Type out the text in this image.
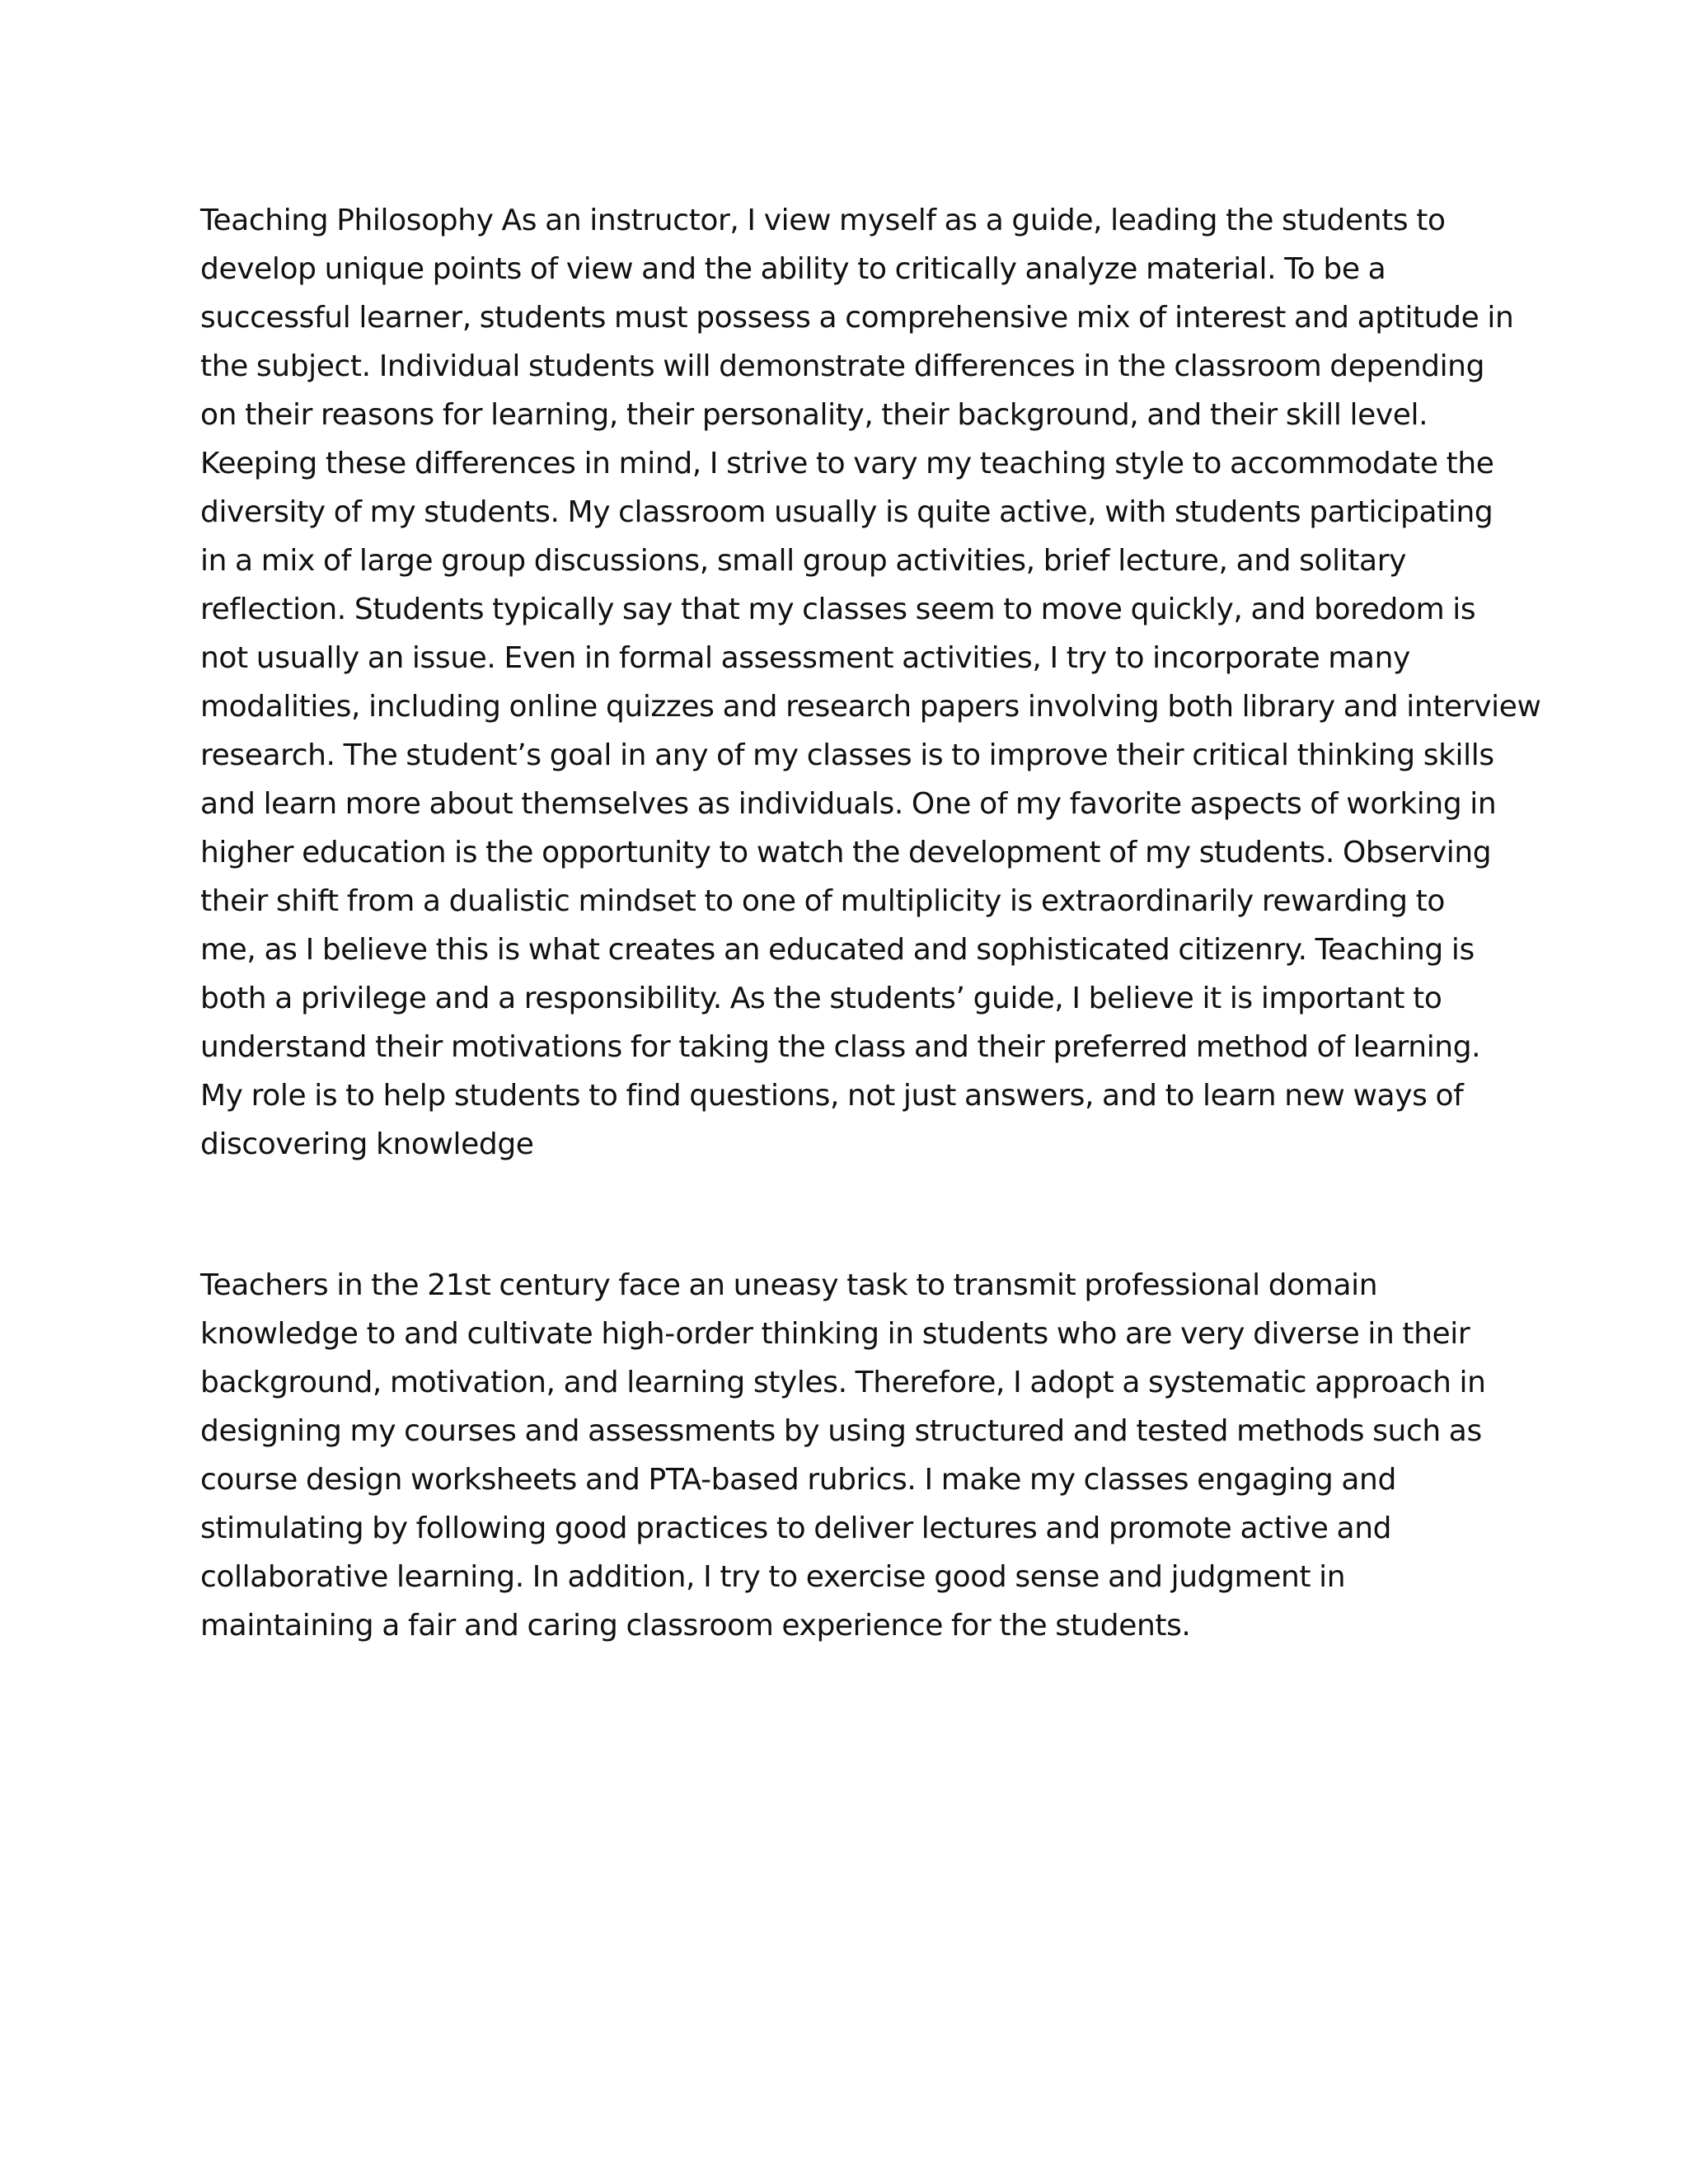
Teaching Philosophy As an instructor, I view myself as a guide, leading the students to
develop unique points of view and the ability to critically analyze material. To be a
successful learner, students must possess a comprehensive mix of interest and aptitude in
the subject. Individual students will demonstrate differences in the classroom depending
on their reasons for learning, their personality, their background, and their skill level.
Keeping these differences in mind, I strive to vary my teaching style to accommodate the
diversity of my students. My classroom usually is quite active, with students participating
in a mix of large group discussions, small group activities, brief lecture, and solitary
reflection. Students typically say that my classes seem to move quickly, and boredom is
not usually an issue. Even in formal assessment activities, I try to incorporate many
modalities, including online quizzes and research papers involving both library and interview
research. The student’s goal in any of my classes is to improve their critical thinking skills
and learn more about themselves as individuals. One of my favorite aspects of working in
higher education is the opportunity to watch the development of my students. Observing
their shift from a dualistic mindset to one of multiplicity is extraordinarily rewarding to
me, as I believe this is what creates an educated and sophisticated citizenry. Teaching is
both a privilege and a responsibility. As the students’ guide, I believe it is important to
understand their motivations for taking the class and their preferred method of learning.
My role is to help students to find questions, not just answers, and to learn new ways of
discovering knowledge

Teachers in the 21st century face an uneasy task to transmit professional domain
knowledge to and cultivate high-order thinking in students who are very diverse in their
background, motivation, and learning styles. Therefore, I adopt a systematic approach in
designing my courses and assessments by using structured and tested methods such as
course design worksheets and PTA-based rubrics. I make my classes engaging and
stimulating by following good practices to deliver lectures and promote active and
collaborative learning. In addition, I try to exercise good sense and judgment in
maintaining a fair and caring classroom experience for the students.
